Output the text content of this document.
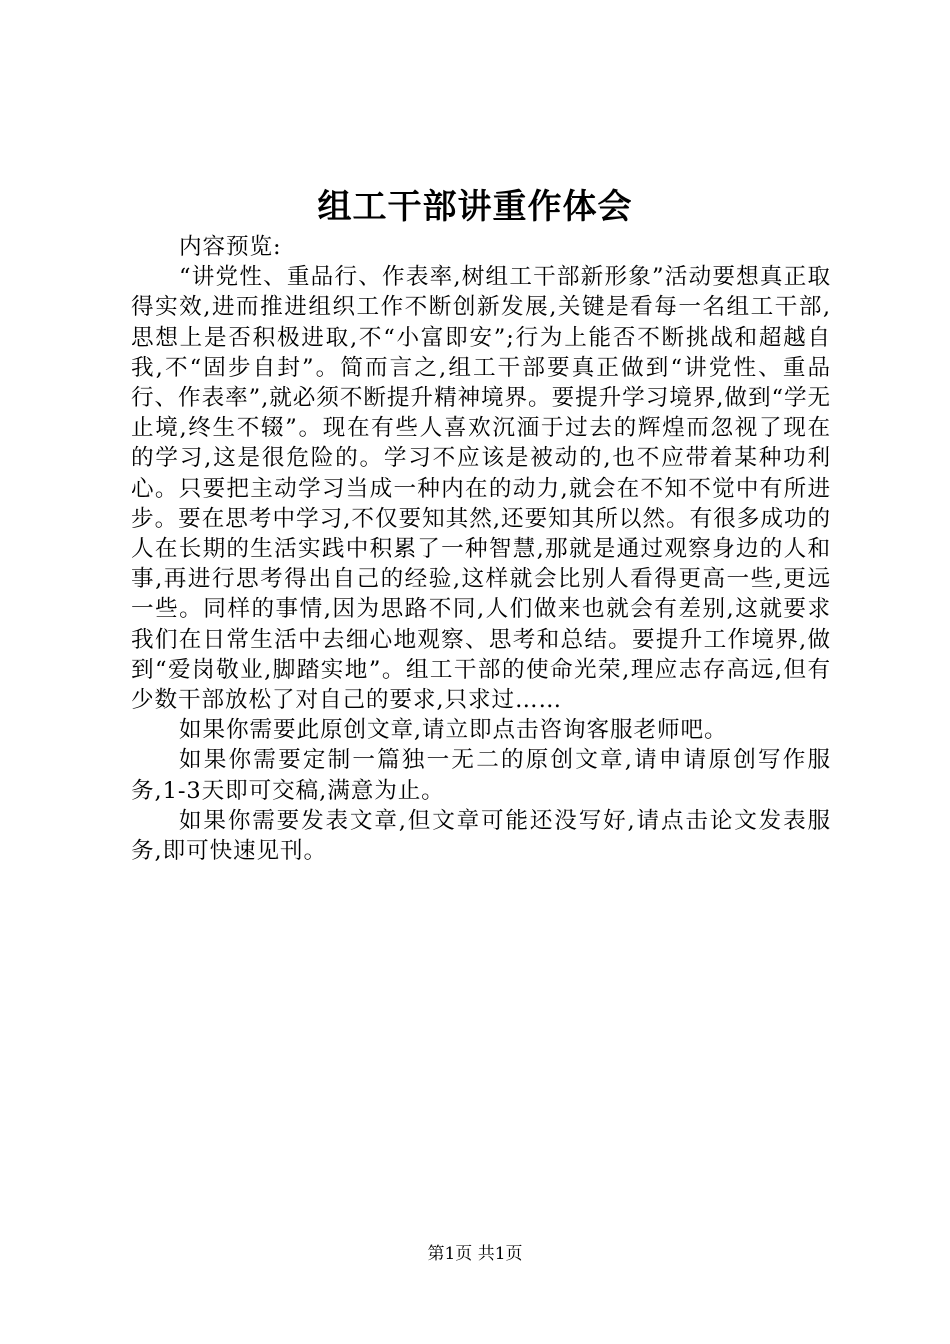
组工干部讲重作体会

内容预览:

“讲党性、重品行、作表率,树组工干部新形象”活动要想真正取得实效,进而推进组织工作不断创新发展,关键是看每一名组工干部,思想上是否积极进取,不“小富即安”;行为上能否不断挑战和超越自我,不“固步自封”。简而言之,组工干部要真正做到“讲党性、重品行、作表率”,就必须不断提升精神境界。要提升学习境界,做到“学无止境,终生不辍”。现在有些人喜欢沉湎于过去的辉煌而忽视了现在的学习,这是很危险的。学习不应该是被动的,也不应带着某种功利心。只要把主动学习当成一种内在的动力,就会在不知不觉中有所进步。要在思考中学习,不仅要知其然,还要知其所以然。有很多成功的人在长期的生活实践中积累了一种智慧,那就是通过观察身边的人和事,再进行思考得出自己的经验,这样就会比别人看得更高一些,更远一些。同样的事情,因为思路不同,人们做来也就会有差别,这就要求我们在日常生活中去细心地观察、思考和总结。要提升工作境界,做到“爱岗敬业,脚踏实地”。组工干部的使命光荣,理应志存高远,但有少数干部放松了对自己的要求,只求过……

如果你需要此原创文章,请立即点击咨询客服老师吧。

如果你需要定制一篇独一无二的原创文章,请申请原创写作服务,1-3天即可交稿,满意为止。

如果你需要发表文章,但文章可能还没写好,请点击论文发表服务,即可快速见刊。

第1页 共1页
